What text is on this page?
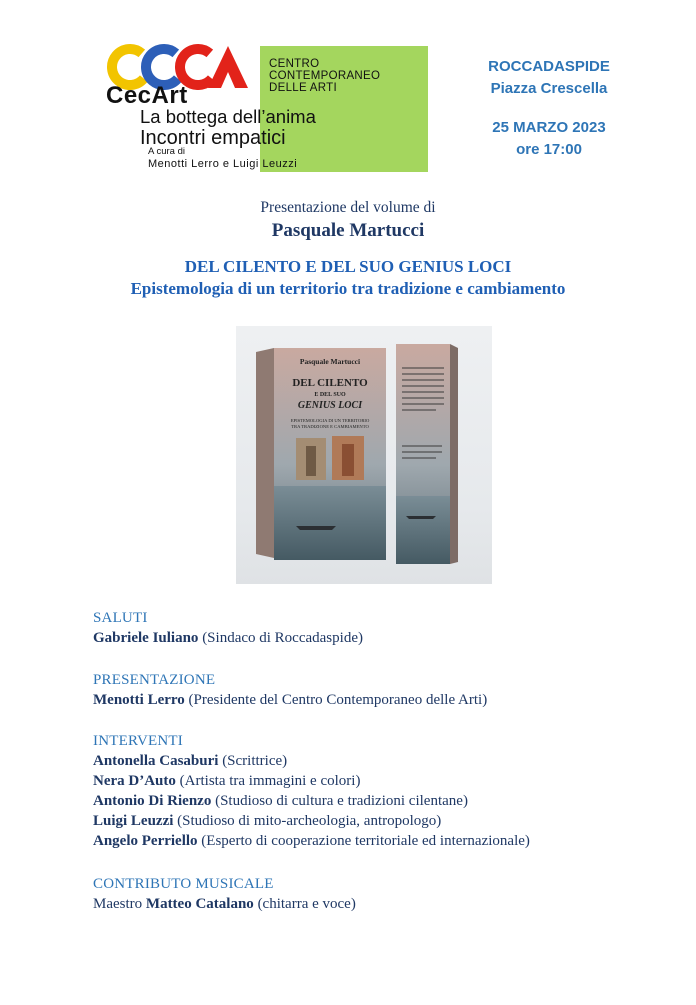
CecArt
CENTRO
CONTEMPORANEO
DELLE ARTI
La bottega dell’anima
Incontri empatici
A cura di
Menotti Lerro e Luigi Leuzzi
ROCCADASPIDE
Piazza Crescella
25 MARZO 2023
ore 17:00
Presentazione del volume di
Pasquale Martucci
DEL CILENTO E DEL SUO GENIUS LOCI
Epistemologia di un territorio tra tradizione e cambiamento
Pasquale Martucci
DEL CILENTO
E DEL SUO
GENIUS LOCI
EPISTEMOLOGIA DI UN TERRITORIO
TRA TRADIZIONE E CAMBIAMENTO
SALUTI
Gabriele Iuliano (Sindaco di Roccadaspide)
PRESENTAZIONE
Menotti Lerro (Presidente del Centro Contemporaneo delle Arti)
INTERVENTI
Antonella Casaburi (Scrittrice)
Nera D’Auto (Artista tra immagini e colori)
Antonio Di Rienzo (Studioso di cultura e tradizioni cilentane)
Luigi Leuzzi (Studioso di mito-archeologia, antropologo)
Angelo Perriello (Esperto di cooperazione territoriale ed internazionale)
CONTRIBUTO MUSICALE
Maestro Matteo Catalano (chitarra e voce)
